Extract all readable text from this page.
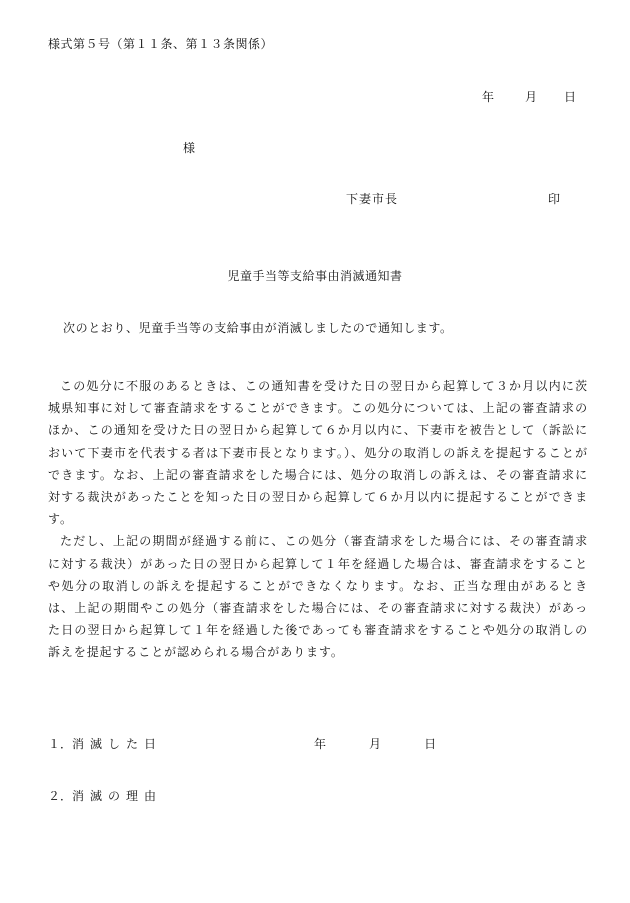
様式第５号（第１１条、第１３条関係）
年	月 日
様
下妻市長	印
児童手当等支給事由消滅通知書
次のとおり、児童手当等の支給事由が消滅しましたので通知します。

この処分に不服のあるときは、この通知書を受けた日の翌日から起算して３か月以内に茨城県知事に対して審査請求をすることができます。この処分については、上記の審査請求のほか、この通知を受けた日の翌日から起算して６か月以内に、下妻市を被告として（訴訟において下妻市を代表する者は下妻市長となります。）、処分の取消しの訴えを提起することができます。なお、上記の審査請求をした場合には、処分の取消しの訴えは、その審査請求に対する裁決があったことを知った日の翌日から起算して６か月以内に提起することができます。

ただし、上記の期間が経過する前に、この処分（審査請求をした場合には、その審査請求に対する裁決）があった日の翌日から起算して１年を経過した場合は、審査請求をすることや処分の取消しの訴えを提起することができなくなります。なお、正当な理由があるときは、上記の期間やこの処分（審査請求をした場合には、その審査請求に対する裁決）があった日の翌日から起算して１年を経過した後であっても審査請求をすることや処分の取消しの訴えを提起することが認められる場合があります。

１．消滅した日	年	月	日
２．消滅の理由
